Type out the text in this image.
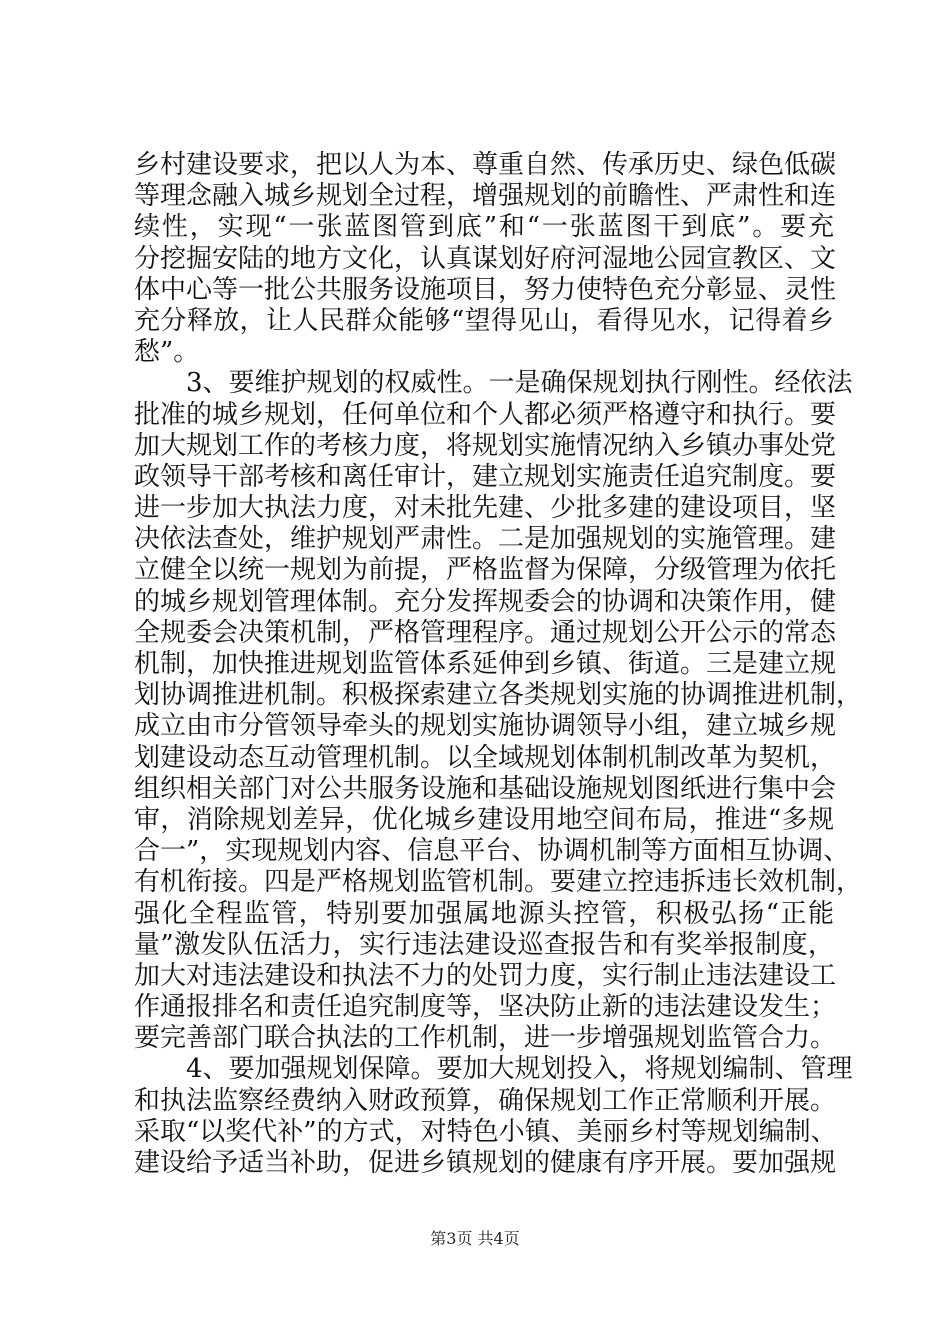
乡村建设要求，把以人为本、尊重自然、传承历史、绿色低碳
等理念融入城乡规划全过程，增强规划的前瞻性、严肃性和连
续性，实现“一张蓝图管到底”和“一张蓝图干到底”。要充
分挖掘安陆的地方文化，认真谋划好府河湿地公园宣教区、文
体中心等一批公共服务设施项目，努力使特色充分彰显、灵性
充分释放，让人民群众能够“望得见山，看得见水，记得着乡
愁”。
　　3、要维护规划的权威性。一是确保规划执行刚性。经依法
批准的城乡规划，任何单位和个人都必须严格遵守和执行。要
加大规划工作的考核力度，将规划实施情况纳入乡镇办事处党
政领导干部考核和离任审计，建立规划实施责任追究制度。要
进一步加大执法力度，对未批先建、少批多建的建设项目，坚
决依法查处，维护规划严肃性。二是加强规划的实施管理。建
立健全以统一规划为前提，严格监督为保障，分级管理为依托
的城乡规划管理体制。充分发挥规委会的协调和决策作用，健
全规委会决策机制，严格管理程序。通过规划公开公示的常态
机制，加快推进规划监管体系延伸到乡镇、街道。三是建立规
划协调推进机制。积极探索建立各类规划实施的协调推进机制，
成立由市分管领导牵头的规划实施协调领导小组，建立城乡规
划建设动态互动管理机制。以全域规划体制机制改革为契机，
组织相关部门对公共服务设施和基础设施规划图纸进行集中会
审，消除规划差异，优化城乡建设用地空间布局，推进“多规
合一”，实现规划内容、信息平台、协调机制等方面相互协调、
有机衔接。四是严格规划监管机制。要建立控违拆违长效机制，
强化全程监管，特别要加强属地源头控管，积极弘扬“正能
量”激发队伍活力，实行违法建设巡查报告和有奖举报制度，
加大对违法建设和执法不力的处罚力度，实行制止违法建设工
作通报排名和责任追究制度等，坚决防止新的违法建设发生；
要完善部门联合执法的工作机制，进一步增强规划监管合力。
　　4、要加强规划保障。要加大规划投入，将规划编制、管理
和执法监察经费纳入财政预算，确保规划工作正常顺利开展。
采取“以奖代补”的方式，对特色小镇、美丽乡村等规划编制、
建设给予适当补助，促进乡镇规划的健康有序开展。要加强规
第3页 共4页
